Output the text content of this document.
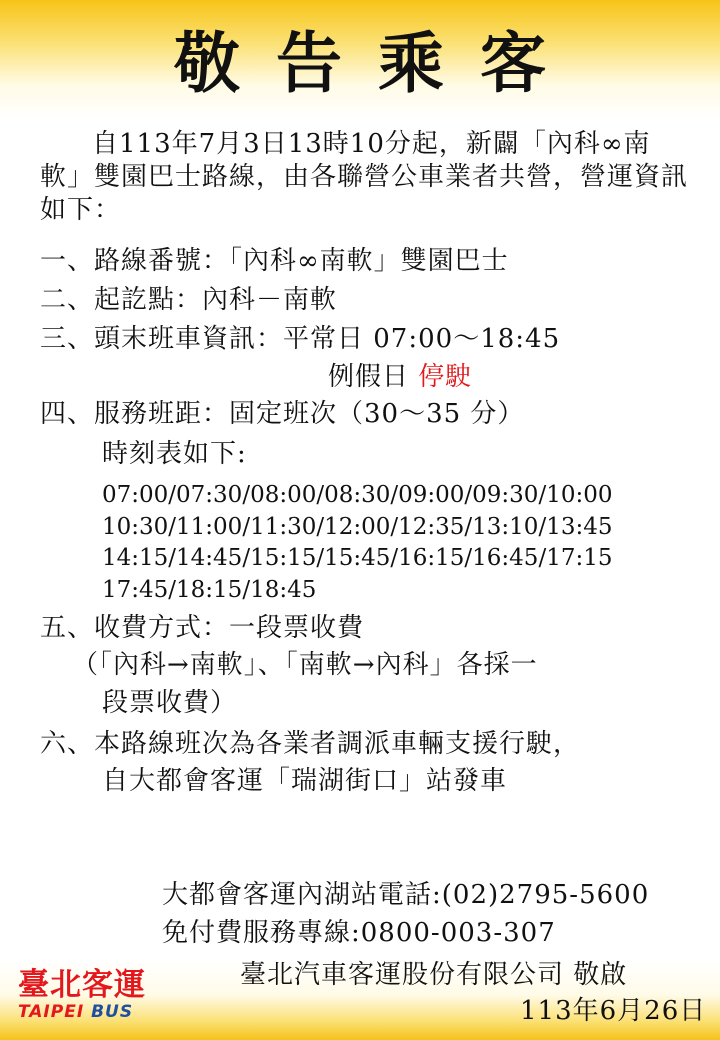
敬告乘客
自113年7月3日13時10分起，新闢「內科∞南軟」雙園巴士路線，由各聯營公車業者共營，營運資訊如下：
一、路線番號：「內科∞南軟」雙園巴士
二、起訖點：內科－南軟
三、頭末班車資訊：平常日 07:00～18:45
例假日 停駛
四、服務班距：固定班次（30～35 分）
時刻表如下:
07:00/07:30/08:00/08:30/09:00/09:30/10:00
10:30/11:00/11:30/12:00/12:35/13:10/13:45
14:15/14:45/15:15/15:45/16:15/16:45/17:15
17:45/18:15/18:45
五、收費方式：一段票收費
（「內科→南軟」、「南軟→內科」各採一
段票收費）
六、本路線班次為各業者調派車輛支援行駛，
自大都會客運「瑞湖街口」站發車
大都會客運內湖站電話:(02)2795-5600
免付費服務專線:0800-003-307
臺北汽車客運股份有限公司 敬啟
113年6月26日
臺北客運
TAIPEI BUS
